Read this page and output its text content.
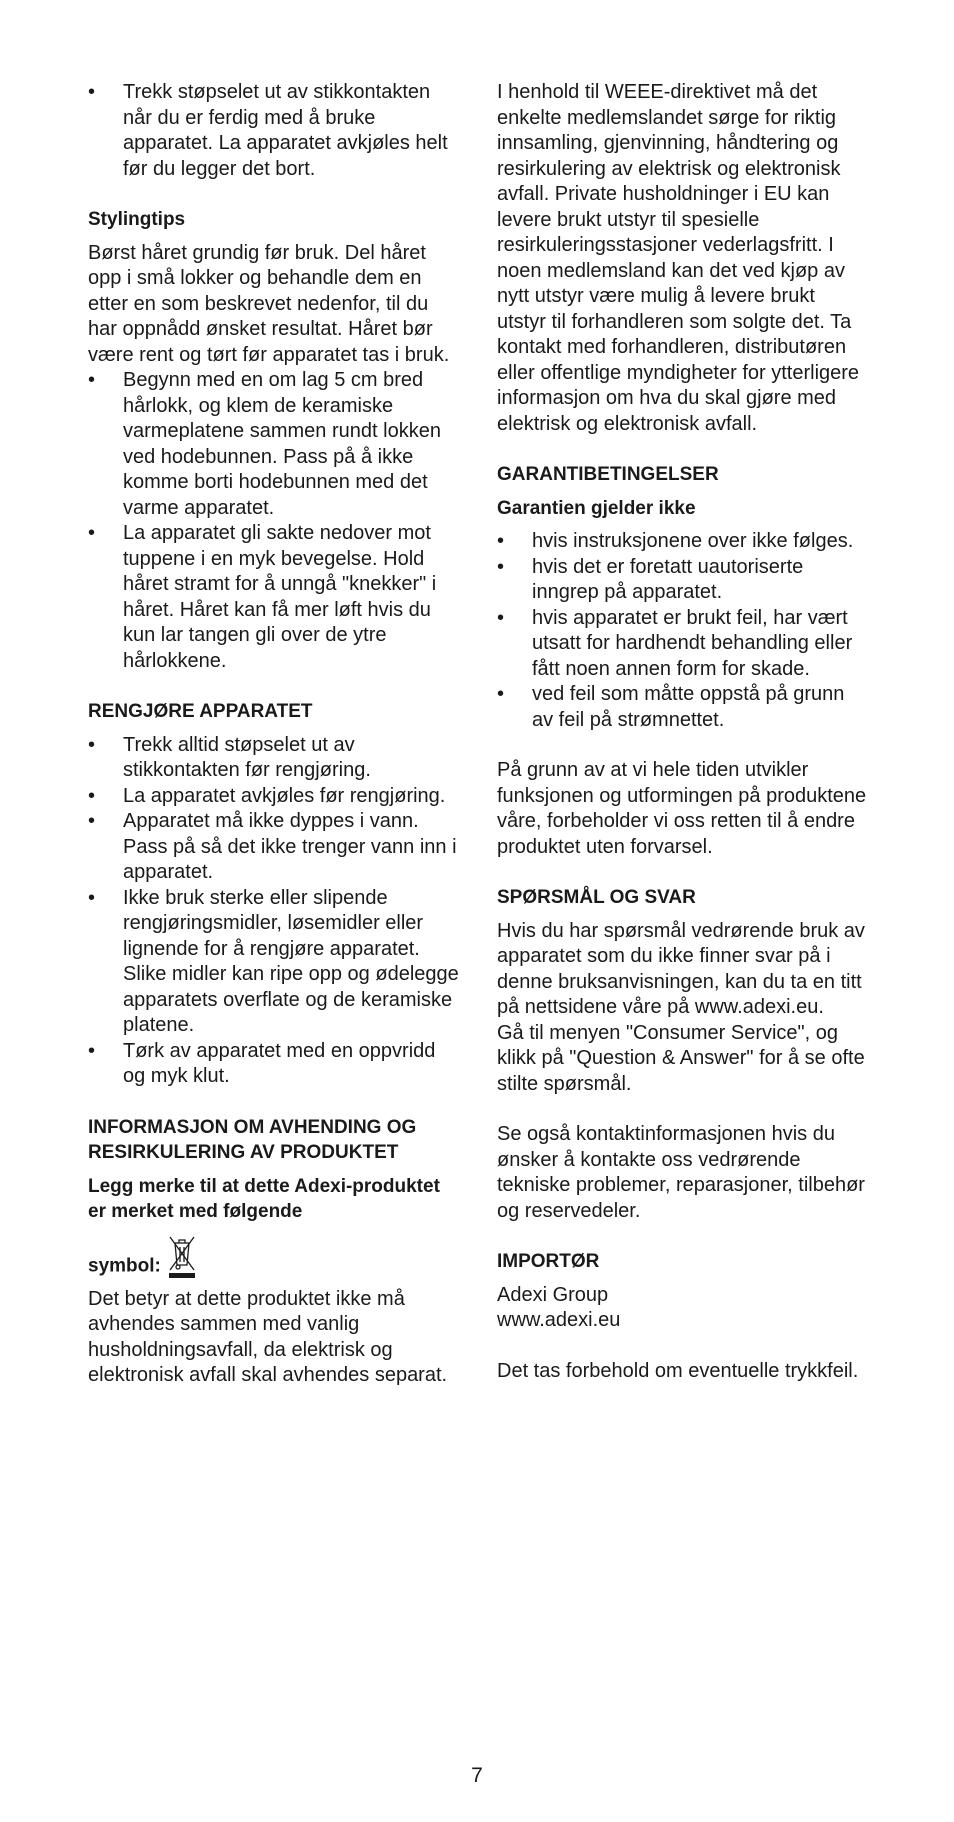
• Trekk støpselet ut av stikkontakten når du er ferdig med å bruke apparatet. La apparatet avkjøles helt før du legger det bort.

Stylingtips

Børst håret grundig før bruk. Del håret opp i små lokker og behandle dem en etter en som beskrevet nedenfor, til du har oppnådd ønsket resultat. Håret bør være rent og tørt før apparatet tas i bruk.

• Begynn med en om lag 5 cm bred hårlokk, og klem de keramiske varmeplatene sammen rundt lokken ved hodebunnen. Pass på å ikke komme borti hodebunnen med det varme apparatet.
• La apparatet gli sakte nedover mot tuppene i en myk bevegelse. Hold håret stramt for å unngå "knekker" i håret. Håret kan få mer løft hvis du kun lar tangen gli over de ytre hårlokkene.

RENGJØRE APPARATET

• Trekk alltid støpselet ut av stikkontakten før rengjøring.
• La apparatet avkjøles før rengjøring.
• Apparatet må ikke dyppes i vann. Pass på så det ikke trenger vann inn i apparatet.
• Ikke bruk sterke eller slipende rengjøringsmidler, løsemidler eller lignende for å rengjøre apparatet. Slike midler kan ripe opp og ødelegge apparatets overflate og de keramiske platene.
• Tørk av apparatet med en oppvridd og myk klut.

INFORMASJON OM AVHENDING OG RESIRKULERING AV PRODUKTET

Legg merke til at dette Adexi-produktet er merket med følgende

symbol:

Det betyr at dette produktet ikke må avhendes sammen med vanlig husholdningsavfall, da elektrisk og elektronisk avfall skal avhendes separat.

I henhold til WEEE-direktivet må det enkelte medlemslandet sørge for riktig innsamling, gjenvinning, håndtering og resirkulering av elektrisk og elektronisk avfall. Private husholdninger i EU kan levere brukt utstyr til spesielle resirkuleringsstasjoner vederlagsfritt. I noen medlemsland kan det ved kjøp av nytt utstyr være mulig å levere brukt utstyr til forhandleren som solgte det. Ta kontakt med forhandleren, distributøren eller offentlige myndigheter for ytterligere informasjon om hva du skal gjøre med elektrisk og elektronisk avfall.

GARANTIBETINGELSER

Garantien gjelder ikke

• hvis instruksjonene over ikke følges.
• hvis det er foretatt uautoriserte inngrep på apparatet.
• hvis apparatet er brukt feil, har vært utsatt for hardhendt behandling eller fått noen annen form for skade.
• ved feil som måtte oppstå på grunn av feil på strømnettet.

På grunn av at vi hele tiden utvikler funksjonen og utformingen på produktene våre, forbeholder vi oss retten til å endre produktet uten forvarsel.

SPØRSMÅL OG SVAR

Hvis du har spørsmål vedrørende bruk av apparatet som du ikke finner svar på i denne bruksanvisningen, kan du ta en titt på nettsidene våre på www.adexi.eu.

Gå til menyen "Consumer Service", og klikk på "Question & Answer" for å se ofte stilte spørsmål.

Se også kontaktinformasjonen hvis du ønsker å kontakte oss vedrørende tekniske problemer, reparasjoner, tilbehør og reservedeler.

IMPORTØR

Adexi Group

www.adexi.eu

Det tas forbehold om eventuelle trykkfeil.

7
